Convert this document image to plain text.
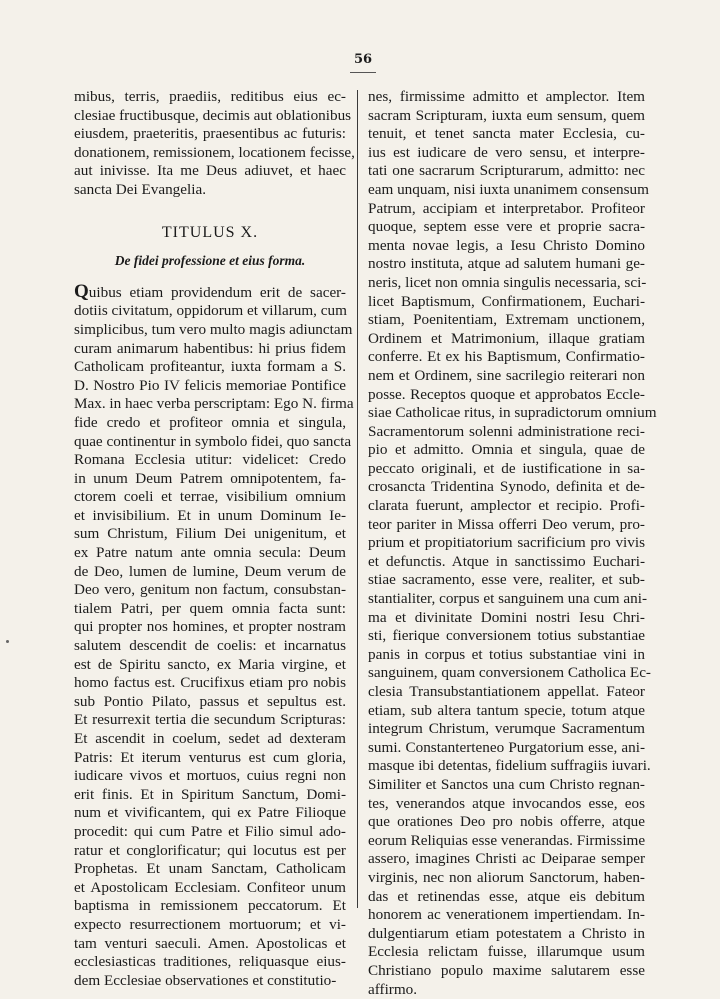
56
mibus, terris, praediis, reditibus eius ec-
clesiae fructibusque, decimis aut oblationibus
eiusdem, praeteritis, praesentibus ac futuris:
donationem, remissionem, locationem fecisse,
aut inivisse. Ita me Deus adiuvet, et haec
sancta Dei Evangelia.
TITULUS X.
De fidei professione et eius forma.
Quibus etiam providendum erit de sacer-
dotiis civitatum, oppidorum et villarum, cum
simplicibus, tum vero multo magis adiunctam
curam animarum habentibus: hi prius fidem
Catholicam profiteantur, iuxta formam a S.
D. Nostro Pio IV felicis memoriae Pontifice
Max. in haec verba perscriptam: Ego N. firma
fide credo et profiteor omnia et singula,
quae continentur in symbolo fidei, quo sancta
Romana Ecclesia utitur: videlicet: Credo
in unum Deum Patrem omnipotentem, fa-
ctorem coeli et terrae, visibilium omnium
et invisibilium. Et in unum Dominum Ie-
sum Christum, Filium Dei unigenitum, et
ex Patre natum ante omnia secula: Deum
de Deo, lumen de lumine, Deum verum de
Deo vero, genitum non factum, consubstan-
tialem Patri, per quem omnia facta sunt:
qui propter nos homines, et propter nostram
salutem descendit de coelis: et incarnatus
est de Spiritu sancto, ex Maria virgine, et
homo factus est. Crucifixus etiam pro nobis
sub Pontio Pilato, passus et sepultus est.
Et resurrexit tertia die secundum Scripturas:
Et ascendit in coelum, sedet ad dexteram
Patris: Et iterum venturus est cum gloria,
iudicare vivos et mortuos, cuius regni non
erit finis. Et in Spiritum Sanctum, Domi-
num et vivificantem, qui ex Patre Filioque
procedit: qui cum Patre et Filio simul ado-
ratur et conglorificatur; qui locutus est per
Prophetas. Et unam Sanctam, Catholicam
et Apostolicam Ecclesiam. Confiteor unum
baptisma in remissionem peccatorum. Et
expecto resurrectionem mortuorum; et vi-
tam venturi saeculi. Amen. Apostolicas et
ecclesiasticas traditiones, reliquasque eius-
dem Ecclesiae observationes et constitutio-
nes, firmissime admitto et amplector. Item
sacram Scripturam, iuxta eum sensum, quem
tenuit, et tenet sancta mater Ecclesia, cu-
ius est iudicare de vero sensu, et interpre-
tati one sacrarum Scripturarum, admitto: nec
eam unquam, nisi iuxta unanimem consensum
Patrum, accipiam et interpretabor. Profiteor
quoque, septem esse vere et proprie sacra-
menta novae legis, a Iesu Christo Domino
nostro instituta, atque ad salutem humani ge-
neris, licet non omnia singulis necessaria, sci-
licet Baptismum, Confirmationem, Euchari-
stiam, Poenitentiam, Extremam unctionem,
Ordinem et Matrimonium, illaque gratiam
conferre. Et ex his Baptismum, Confirmatio-
nem et Ordinem, sine sacrilegio reiterari non
posse. Receptos quoque et approbatos Eccle-
siae Catholicae ritus, in supradictorum omnium
Sacramentorum solenni administratione reci-
pio et admitto. Omnia et singula, quae de
peccato originali, et de iustificatione in sa-
crosancta Tridentina Synodo, definita et de-
clarata fuerunt, amplector et recipio. Profi-
teor pariter in Missa offerri Deo verum, pro-
prium et propitiatorium sacrificium pro vivis
et defunctis. Atque in sanctissimo Euchari-
stiae sacramento, esse vere, realiter, et sub-
stantialiter, corpus et sanguinem una cum ani-
ma et divinitate Domini nostri Iesu Chri-
sti, fierique conversionem totius substantiae
panis in corpus et totius substantiae vini in
sanguinem, quam conversionem Catholica Ec-
clesia Transubstantiationem appellat. Fateor
etiam, sub altera tantum specie, totum atque
integrum Christum, verumque Sacramentum
sumi. Constanterteneo Purgatorium esse, ani-
masque ibi detentas, fidelium suffragiis iuvari.
Similiter et Sanctos una cum Christo regnan-
tes, venerandos atque invocandos esse, eos
que orationes Deo pro nobis offerre, atque
eorum Reliquias esse venerandas. Firmissime
assero, imagines Christi ac Deiparae semper
virginis, nec non aliorum Sanctorum, haben-
das et retinendas esse, atque eis debitum
honorem ac venerationem impertiendam. In-
dulgentiarum etiam potestatem a Christo in
Ecclesia relictam fuisse, illarumque usum
Christiano populo maxime salutarem esse
affirmo.
